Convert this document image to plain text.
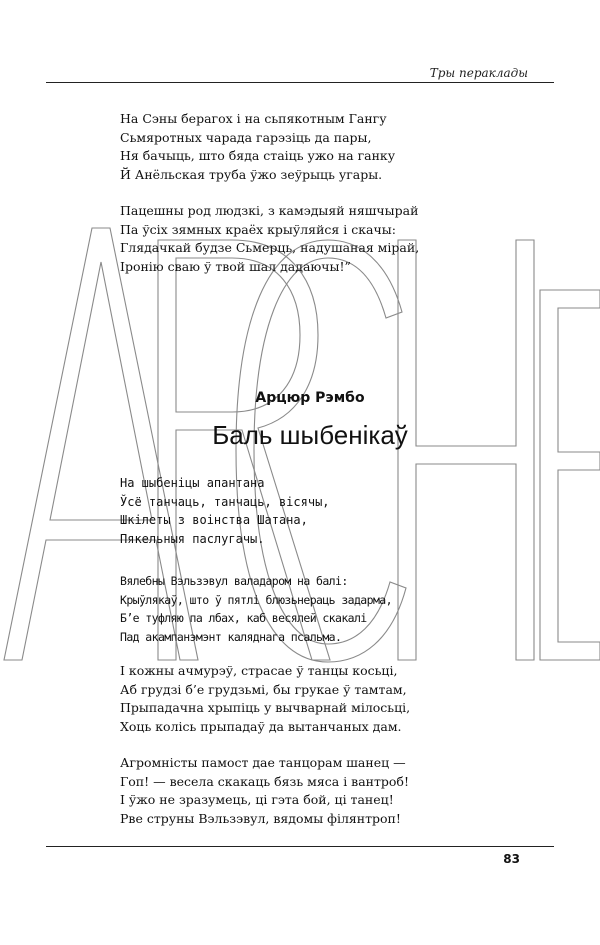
Тры пераклады
На Сэны берагох і на сьпякотным Гангу
Сьмяротных чарада гарэзіць да пары,
Ня бачыць, што бяда стаіць ужо на ганку
Й Анёльская труба ўжо зеўрыць угары.
Пацешны род людзкі, з камэдыяй няшчырай
Па ўсіх зямных краёх крыўляйся і скачы:
Глядачкай будзе Сьмерць, надушаная мірай,
Іронію сваю ў твой шал дадаючы!”
Арцюр Рэмбо
Баль шыбенікаў
На шыбеніцы апантана
Ўсё танчаць, танчаць, вісячы,
Шкілеты з воінства Шатана,
Пякельныя паслугачы.
Вялебны Вэльзэвул валадаром на балі:
Крыўлякаў, што ў пятлі блюзьнераць задарма,
Б’е туфляю па лбах, каб весялей скакалі
Пад акампанэмэнт каляднага псальма.
І кожны ачмурэў, страсае ў танцы косьці,
Аб грудзі б’е грудзьмі, бы грукае ў тамтам,
Прыпадачна хрыпіць у вычварнай мілосьці,
Хоць колісь прыпадаў да вытанчаных дам.
Агромністы памост дае танцорам шанец —
Гоп! — весела скакаць бязь мяса і вантроб!
І ўжо не зразумець, ці гэта бой, ці танец!
Рве струны Вэльзэвул, вядомы філянтроп!
83
